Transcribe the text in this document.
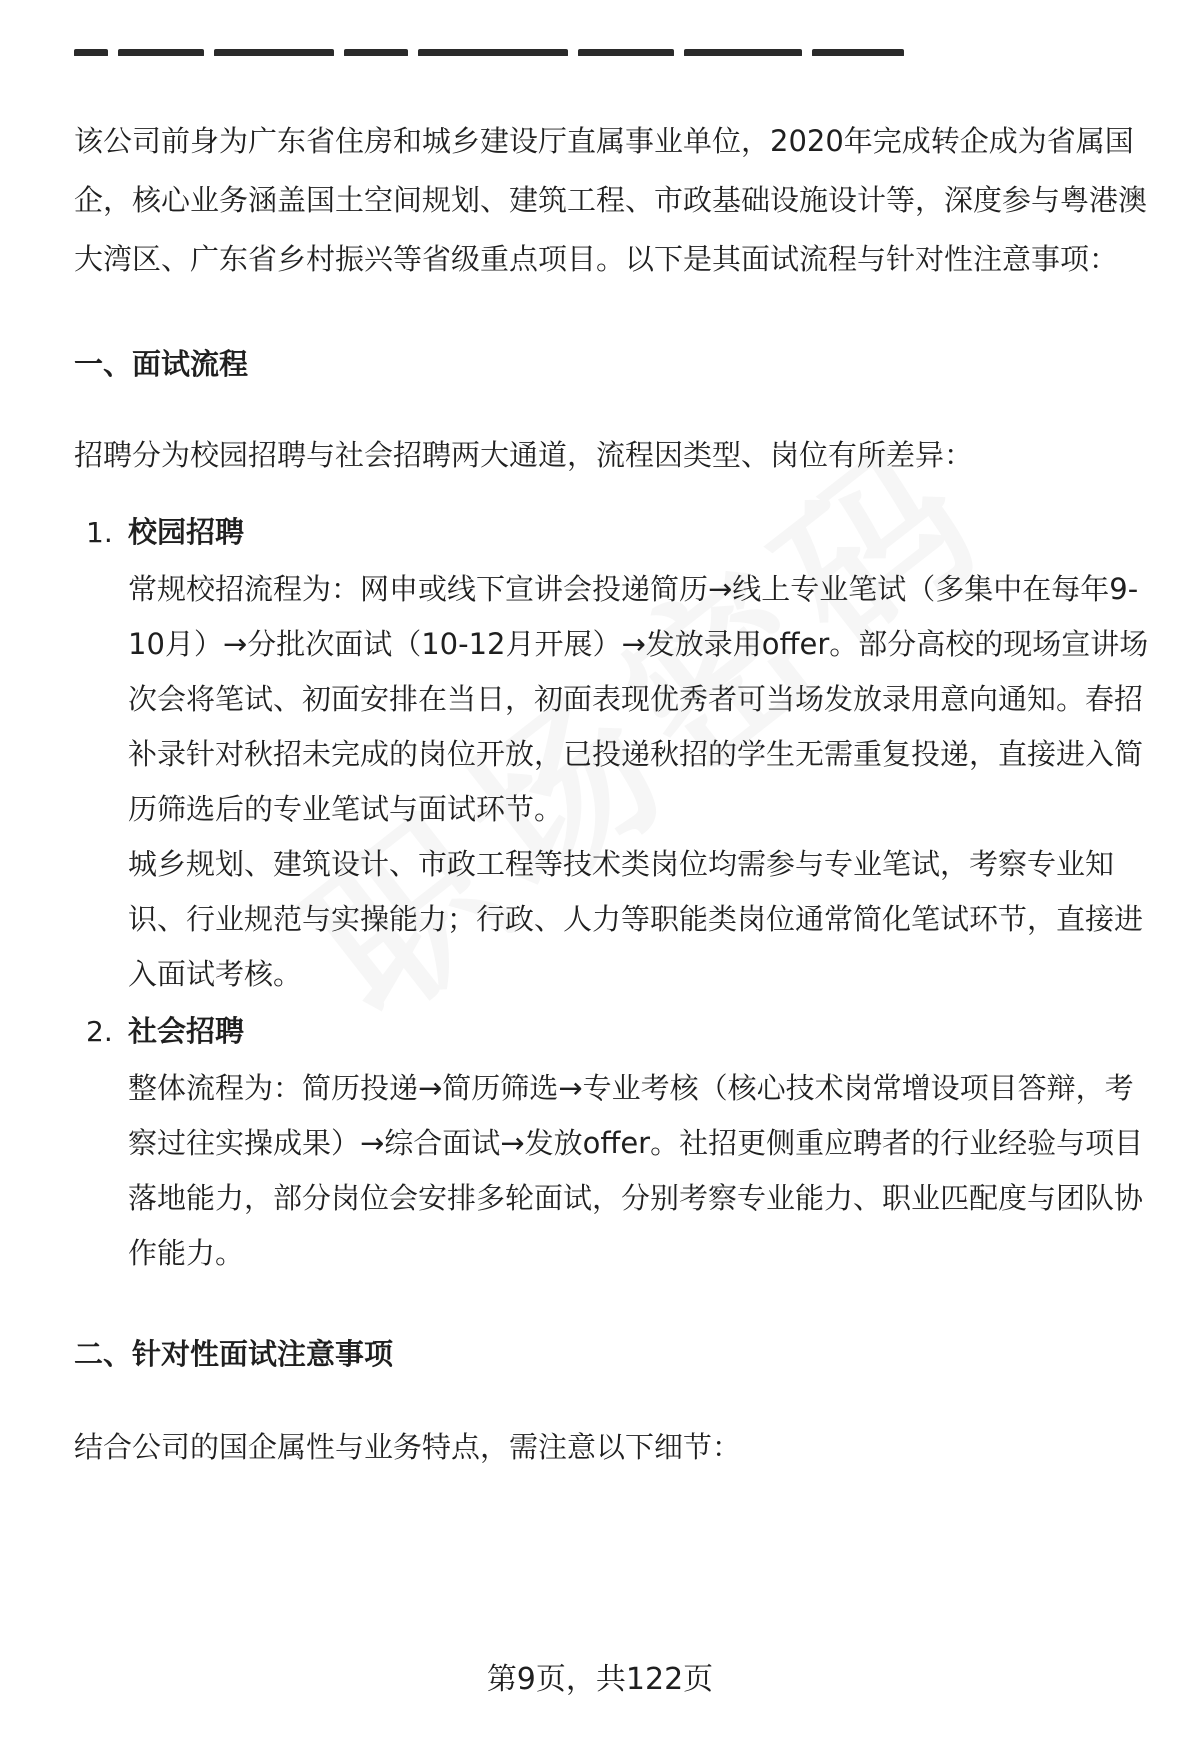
该公司前身为广东省住房和城乡建设厅直属事业单位，2020年完成转企成为省属国企，核心业务涵盖国土空间规划、建筑工程、市政基础设施设计等，深度参与粤港澳大湾区、广东省乡村振兴等省级重点项目。以下是其面试流程与针对性注意事项：

一、面试流程

招聘分为校园招聘与社会招聘两大通道，流程因类型、岗位有所差异：

1. 校园招聘

常规校招流程为：网申或线下宣讲会投递简历→线上专业笔试（多集中在每年9-10月）→分批次面试（10-12月开展）→发放录用offer。部分高校的现场宣讲场次会将笔试、初面安排在当日，初面表现优秀者可当场发放录用意向通知。春招补录针对秋招未完成的岗位开放，已投递秋招的学生无需重复投递，直接进入简历筛选后的专业笔试与面试环节。

城乡规划、建筑设计、市政工程等技术类岗位均需参与专业笔试，考察专业知识、行业规范与实操能力；行政、人力等职能类岗位通常简化笔试环节，直接进入面试考核。

2. 社会招聘

整体流程为：简历投递→简历筛选→专业考核（核心技术岗常增设项目答辩，考察过往实操成果）→综合面试→发放offer。社招更侧重应聘者的行业经验与项目落地能力，部分岗位会安排多轮面试，分别考察专业能力、职业匹配度与团队协作能力。

二、针对性面试注意事项

结合公司的国企属性与业务特点，需注意以下细节：

第9页，共122页
